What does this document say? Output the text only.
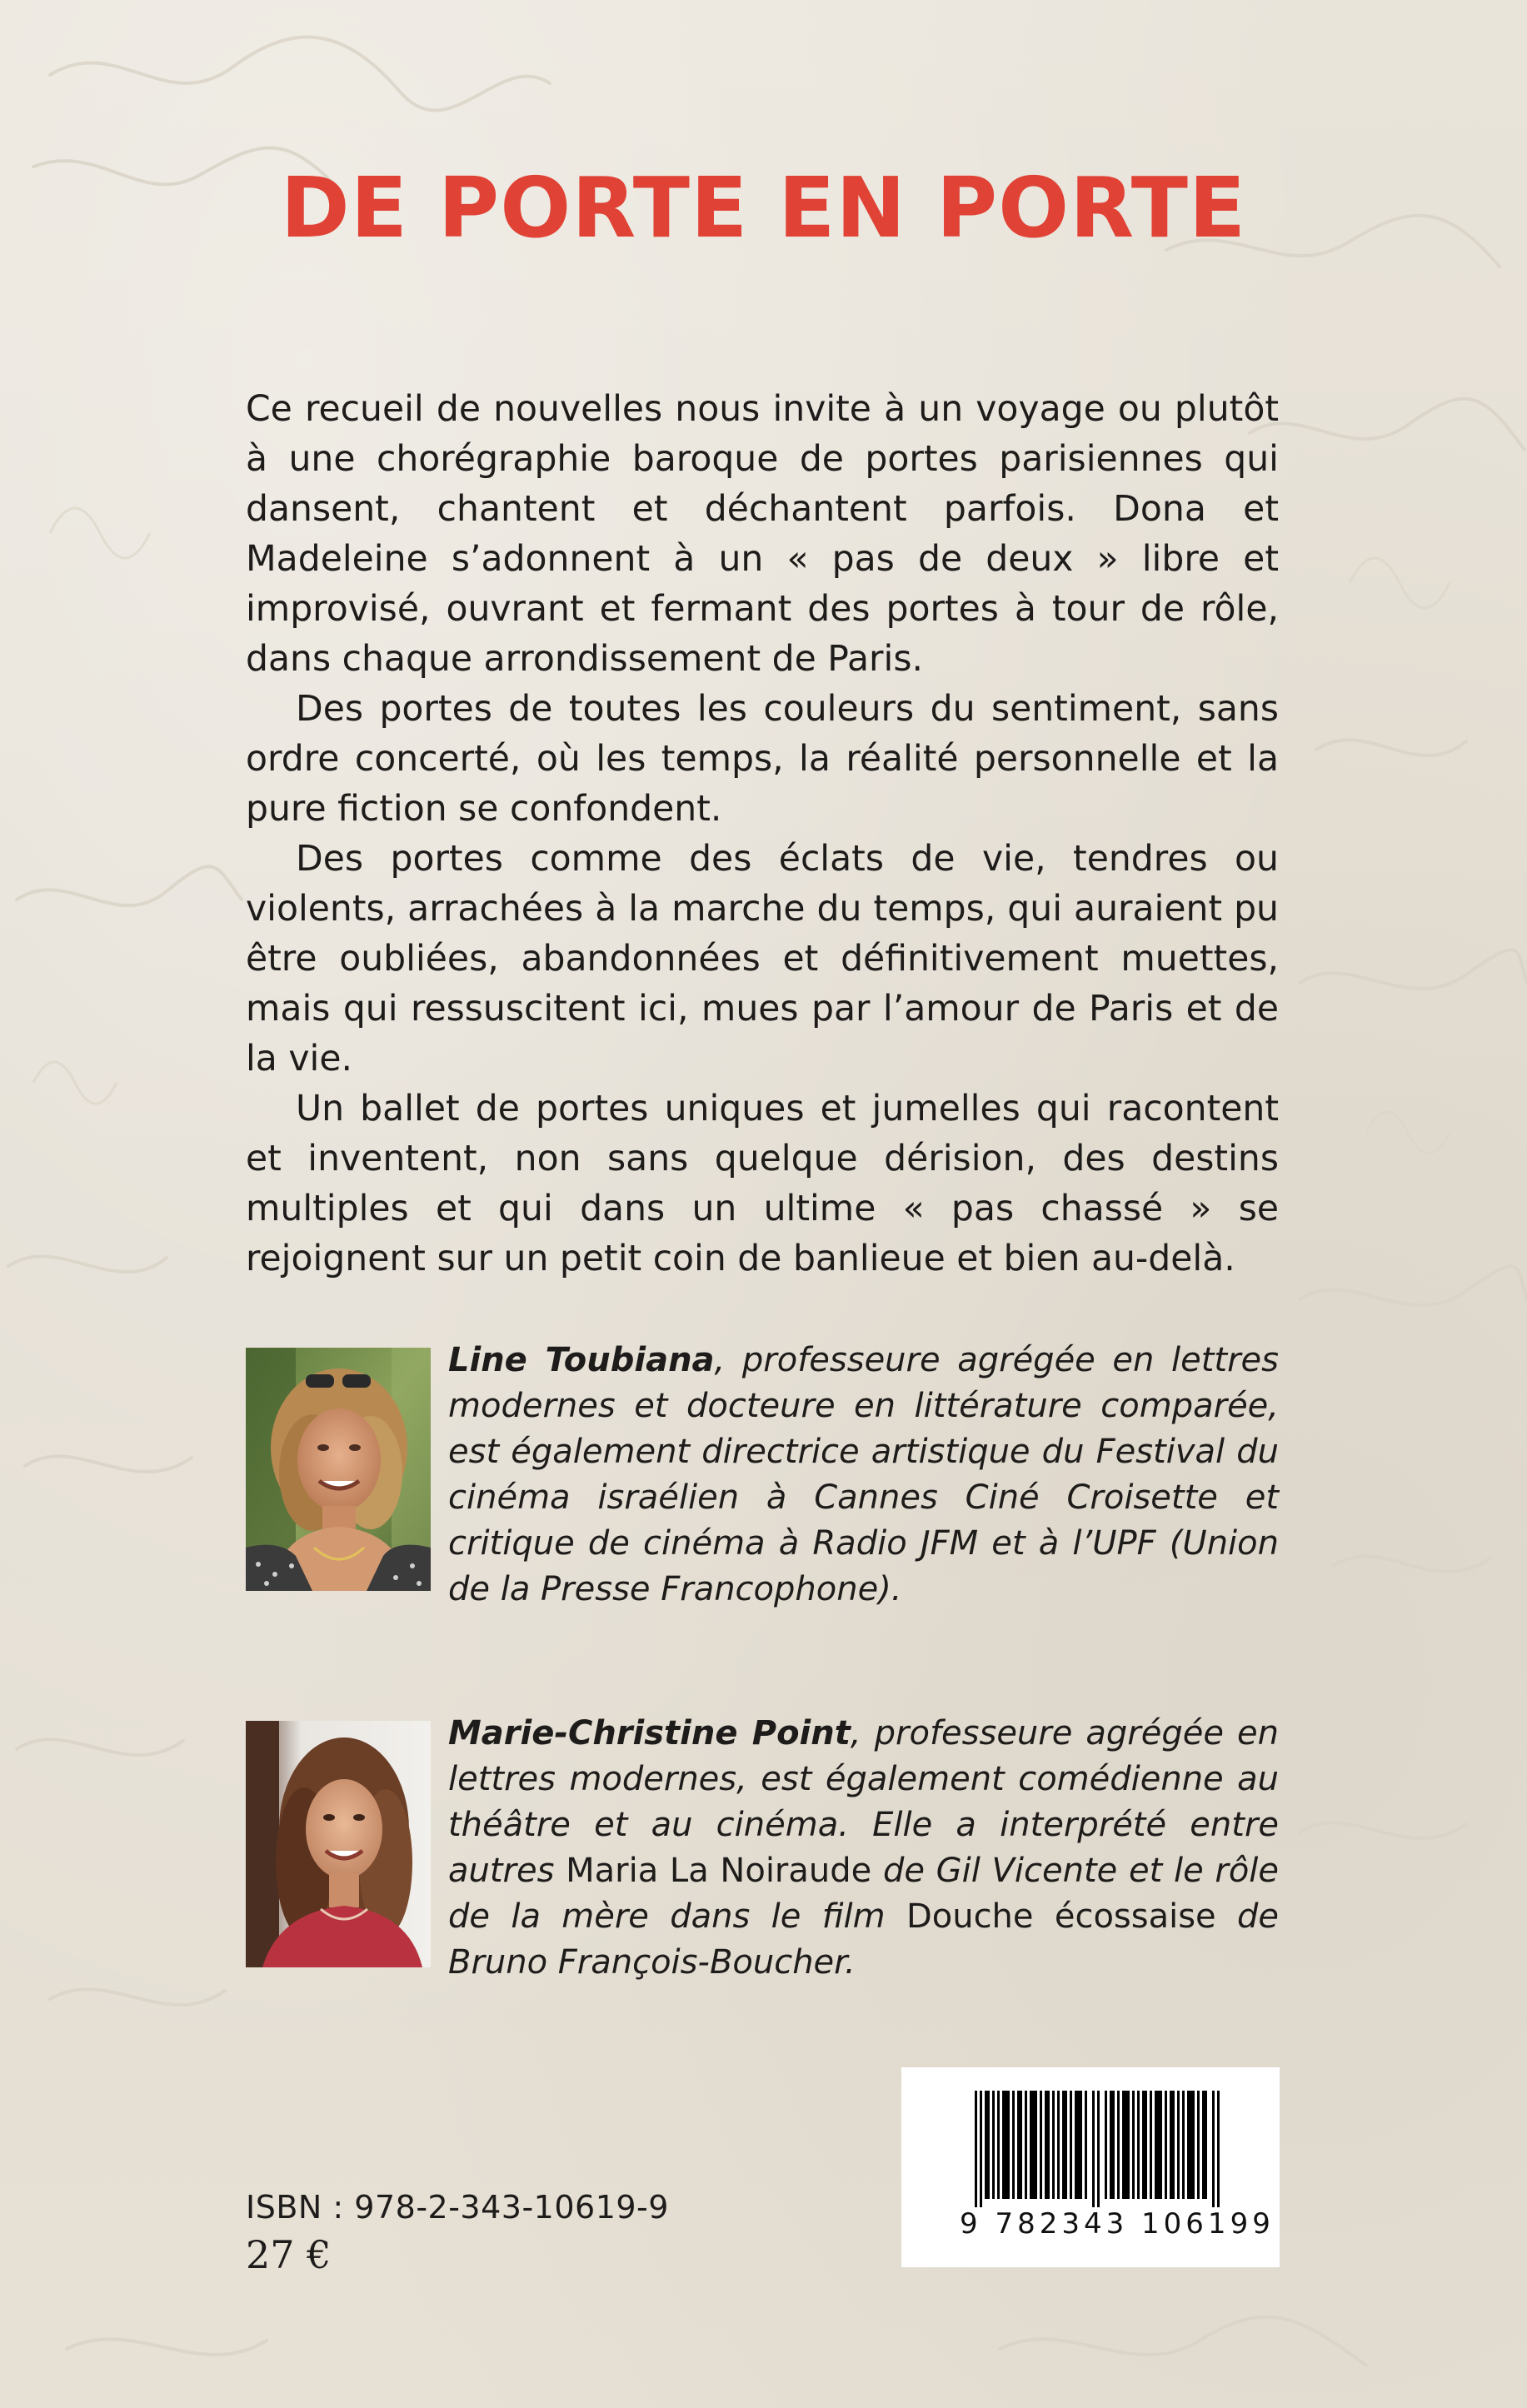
DE PORTE EN PORTE

Ce recueil de nouvelles nous invite à un voyage ou plutôt à une chorégraphie baroque de portes parisiennes qui dansent, chantent et déchantent parfois. Dona et Madeleine s’adonnent à un « pas de deux » libre et improvisé, ouvrant et fermant des portes à tour de rôle, dans chaque arrondissement de Paris.

Des portes de toutes les couleurs du sentiment, sans ordre concerté, où les temps, la réalité personnelle et la pure fiction se confondent.

Des portes comme des éclats de vie, tendres ou violents, arrachées à la marche du temps, qui auraient pu être oubliées, abandonnées et définitivement muettes, mais qui ressuscitent ici, mues par l’amour de Paris et de la vie.

Un ballet de portes uniques et jumelles qui racontent et inventent, non sans quelque dérision, des destins multiples et qui dans un ultime « pas chassé » se rejoignent sur un petit coin de banlieue et bien au-delà.

Line Toubiana, professeure agrégée en lettres modernes et docteure en littérature comparée, est également directrice artistique du Festival du cinéma israélien à Cannes Ciné Croisette et critique de cinéma à Radio JFM et à l’UPF (Union de la Presse Francophone).

Marie-Christine Point, professeure agrégée en lettres modernes, est également comédienne au théâtre et au cinéma. Elle a interprété entre autres Maria La Noiraude de Gil Vicente et le rôle de la mère dans le film Douche écossaise de Bruno François-Boucher.

9 782343 106199

ISBN : 978-2-343-10619-9

27 €
